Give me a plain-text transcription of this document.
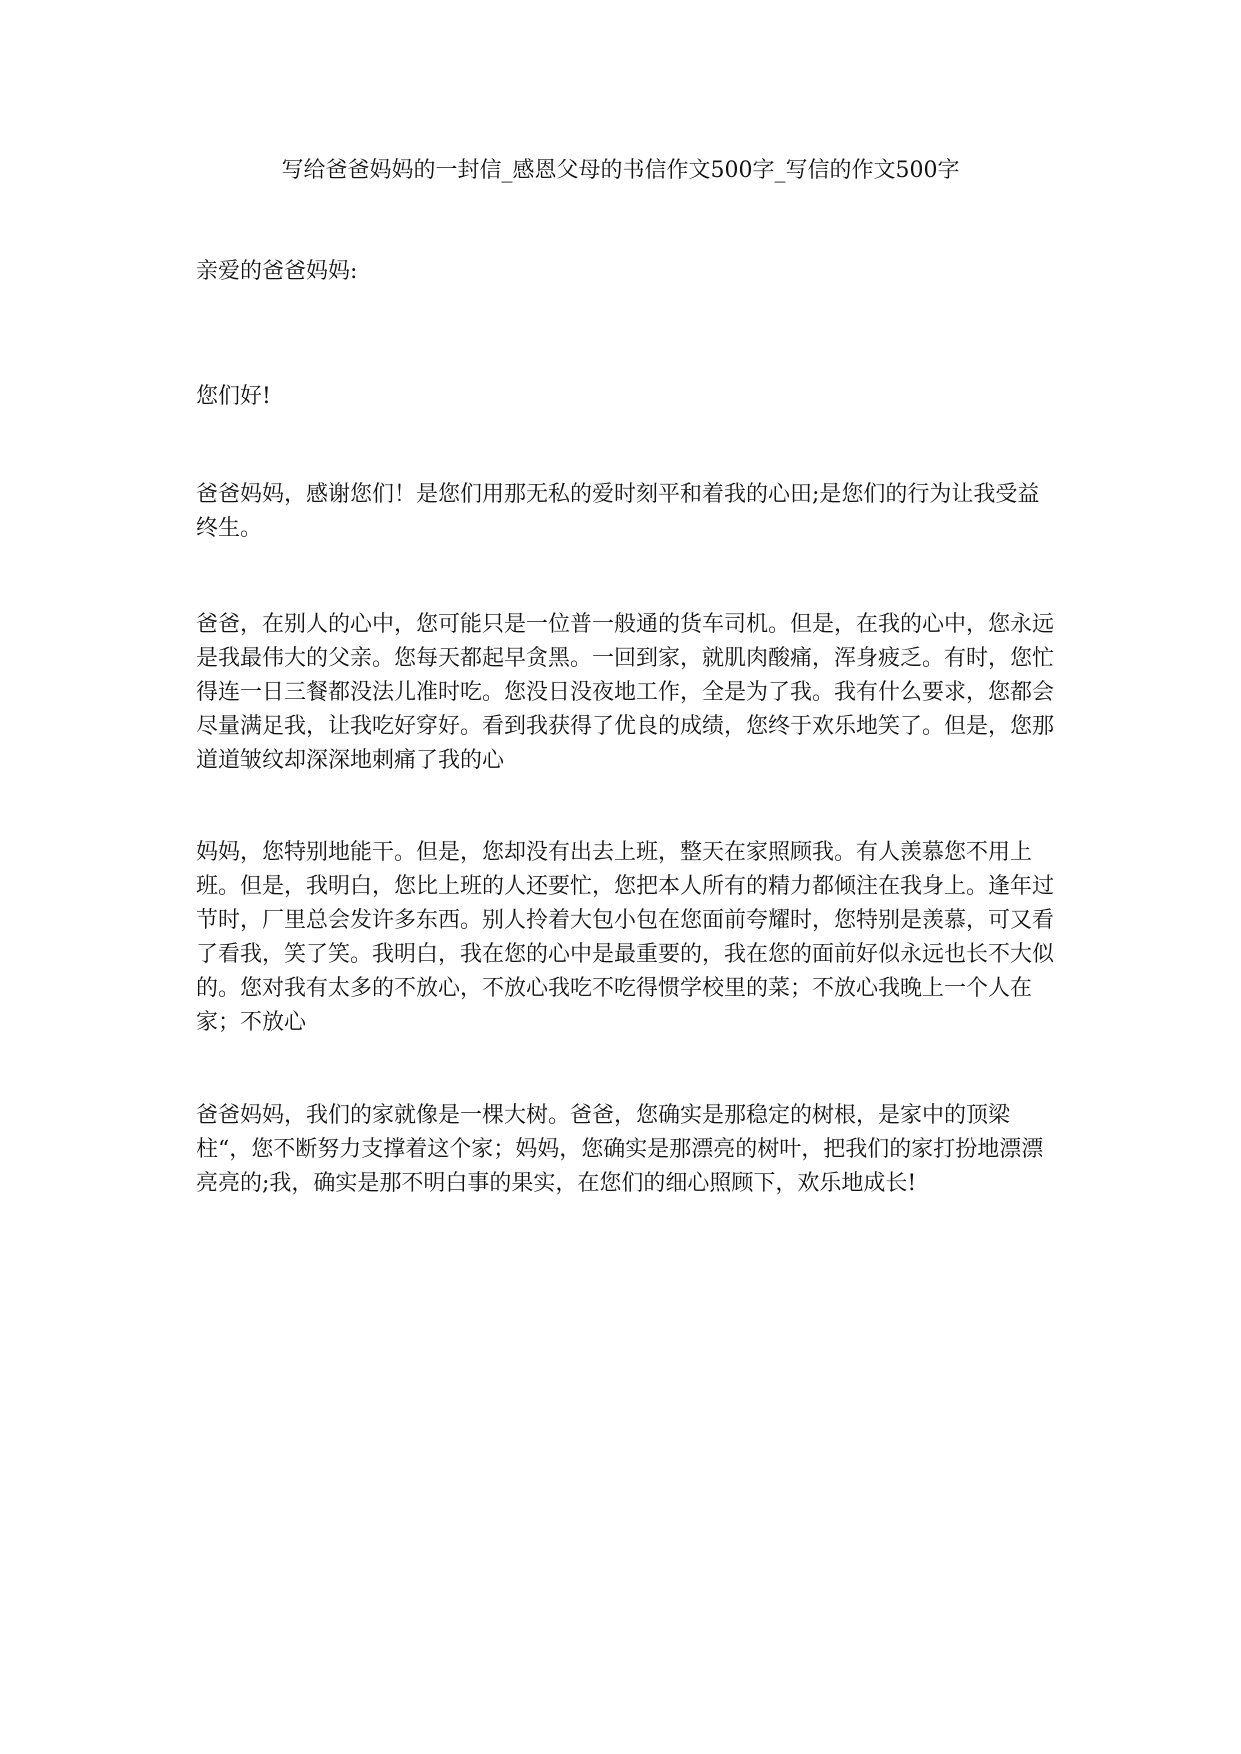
写给爸爸妈妈的一封信_感恩父母的书信作文500字_写信的作文500字

亲爱的爸爸妈妈:

您们好!

爸爸妈妈，感谢您们！是您们用那无私的爱时刻平和着我的心田;是您们的行为让我受益终生。

爸爸，在别人的心中，您可能只是一位普一般通的货车司机。但是，在我的心中，您永远是我最伟大的父亲。您每天都起早贪黑。一回到家，就肌肉酸痛，浑身疲乏。有时，您忙得连一日三餐都没法儿准时吃。您没日没夜地工作，全是为了我。我有什么要求，您都会尽量满足我，让我吃好穿好。看到我获得了优良的成绩，您终于欢乐地笑了。但是，您那道道皱纹却深深地刺痛了我的心

妈妈，您特别地能干。但是，您却没有出去上班，整天在家照顾我。有人羡慕您不用上班。但是，我明白，您比上班的人还要忙，您把本人所有的精力都倾注在我身上。逢年过节时，厂里总会发许多东西。别人拎着大包小包在您面前夸耀时，您特别是羡慕，可又看了看我，笑了笑。我明白，我在您的心中是最重要的，我在您的面前好似永远也长不大似的。您对我有太多的不放心，不放心我吃不吃得惯学校里的菜；不放心我晚上一个人在家；不放心

爸爸妈妈，我们的家就像是一棵大树。爸爸，您确实是那稳定的树根，是家中的顶梁柱“，您不断努力支撑着这个家；妈妈，您确实是那漂亮的树叶，把我们的家打扮地漂漂亮亮的;我，确实是那不明白事的果实，在您们的细心照顾下，欢乐地成长!
